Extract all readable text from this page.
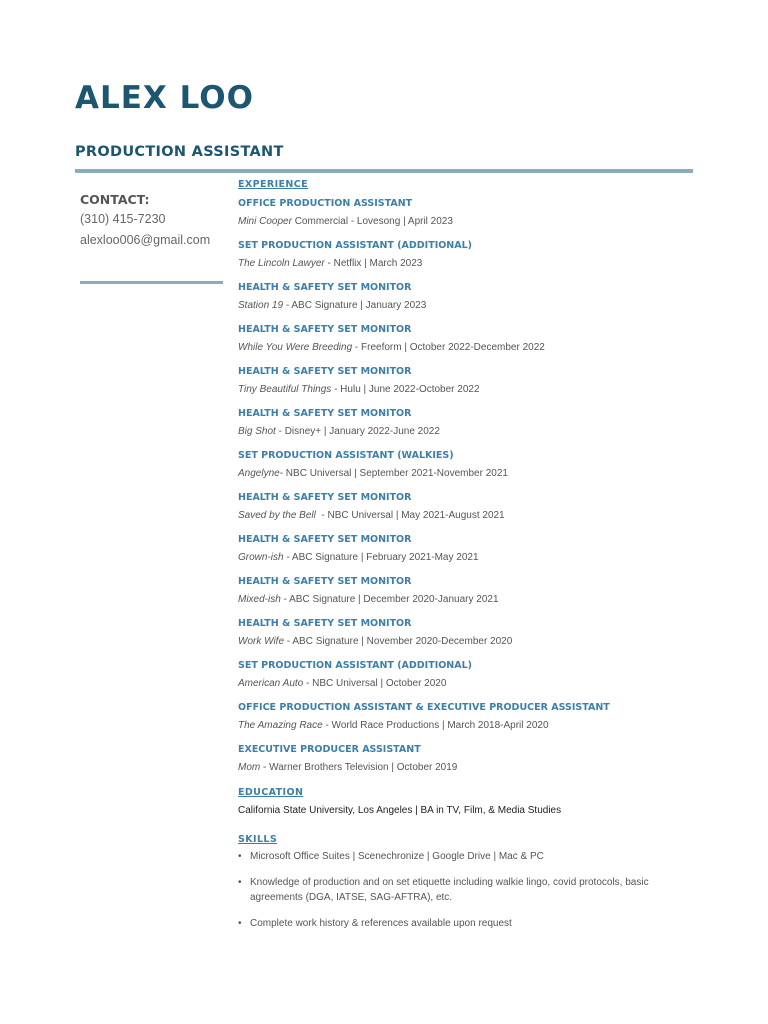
ALEX LOO
PRODUCTION ASSISTANT
CONTACT:
(310) 415-7230
alexloo006@gmail.com
EXPERIENCE
OFFICE PRODUCTION ASSISTANT
Mini Cooper Commercial - Lovesong | April 2023
SET PRODUCTION ASSISTANT (ADDITIONAL)
The Lincoln Lawyer - Netflix | March 2023
HEALTH & SAFETY SET MONITOR
Station 19 - ABC Signature | January 2023
HEALTH & SAFETY SET MONITOR
While You Were Breeding - Freeform | October 2022-December 2022
HEALTH & SAFETY SET MONITOR
Tiny Beautiful Things - Hulu | June 2022-October 2022
HEALTH & SAFETY SET MONITOR
Big Shot - Disney+ | January 2022-June 2022
SET PRODUCTION ASSISTANT (WALKIES)
Angelyne- NBC Universal | September 2021-November 2021
HEALTH & SAFETY SET MONITOR
Saved by the Bell  - NBC Universal | May 2021-August 2021
HEALTH & SAFETY SET MONITOR
Grown-ish - ABC Signature | February 2021-May 2021
HEALTH & SAFETY SET MONITOR
Mixed-ish - ABC Signature | December 2020-January 2021
HEALTH & SAFETY SET MONITOR
Work Wife - ABC Signature | November 2020-December 2020
SET PRODUCTION ASSISTANT (ADDITIONAL)
American Auto - NBC Universal | October 2020
OFFICE PRODUCTION ASSISTANT & EXECUTIVE PRODUCER ASSISTANT
The Amazing Race - World Race Productions | March 2018-April 2020
EXECUTIVE PRODUCER ASSISTANT
Mom - Warner Brothers Television | October 2019
EDUCATION
California State University, Los Angeles | BA in TV, Film, & Media Studies
SKILLS
• Microsoft Office Suites | Scenechronize | Google Drive | Mac & PC
• Knowledge of production and on set etiquette including walkie lingo, covid protocols, basic agreements (DGA, IATSE, SAG-AFTRA), etc.
• Complete work history & references available upon request
